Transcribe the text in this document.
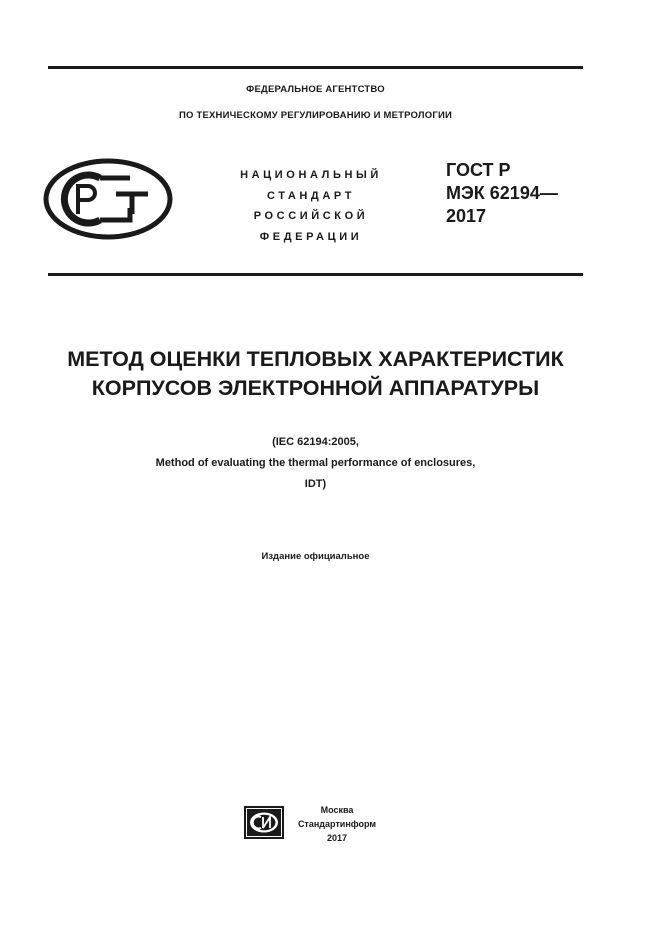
ФЕДЕРАЛЬНОЕ АГЕНТСТВО
ПО ТЕХНИЧЕСКОМУ РЕГУЛИРОВАНИЮ И МЕТРОЛОГИИ
НАЦИОНАЛЬНЫЙ
СТАНДАРТ
РОССИЙСКОЙ
ФЕДЕРАЦИИ
ГОСТ Р
МЭК 62194—
2017
МЕТОД ОЦЕНКИ ТЕПЛОВЫХ ХАРАКТЕРИСТИК
КОРПУСОВ ЭЛЕКТРОННОЙ АППАРАТУРЫ
(IEC 62194:2005,
Method of evaluating the thermal performance of enclosures,
IDT)
Издание официальное
Москва
Стандартинформ
2017
